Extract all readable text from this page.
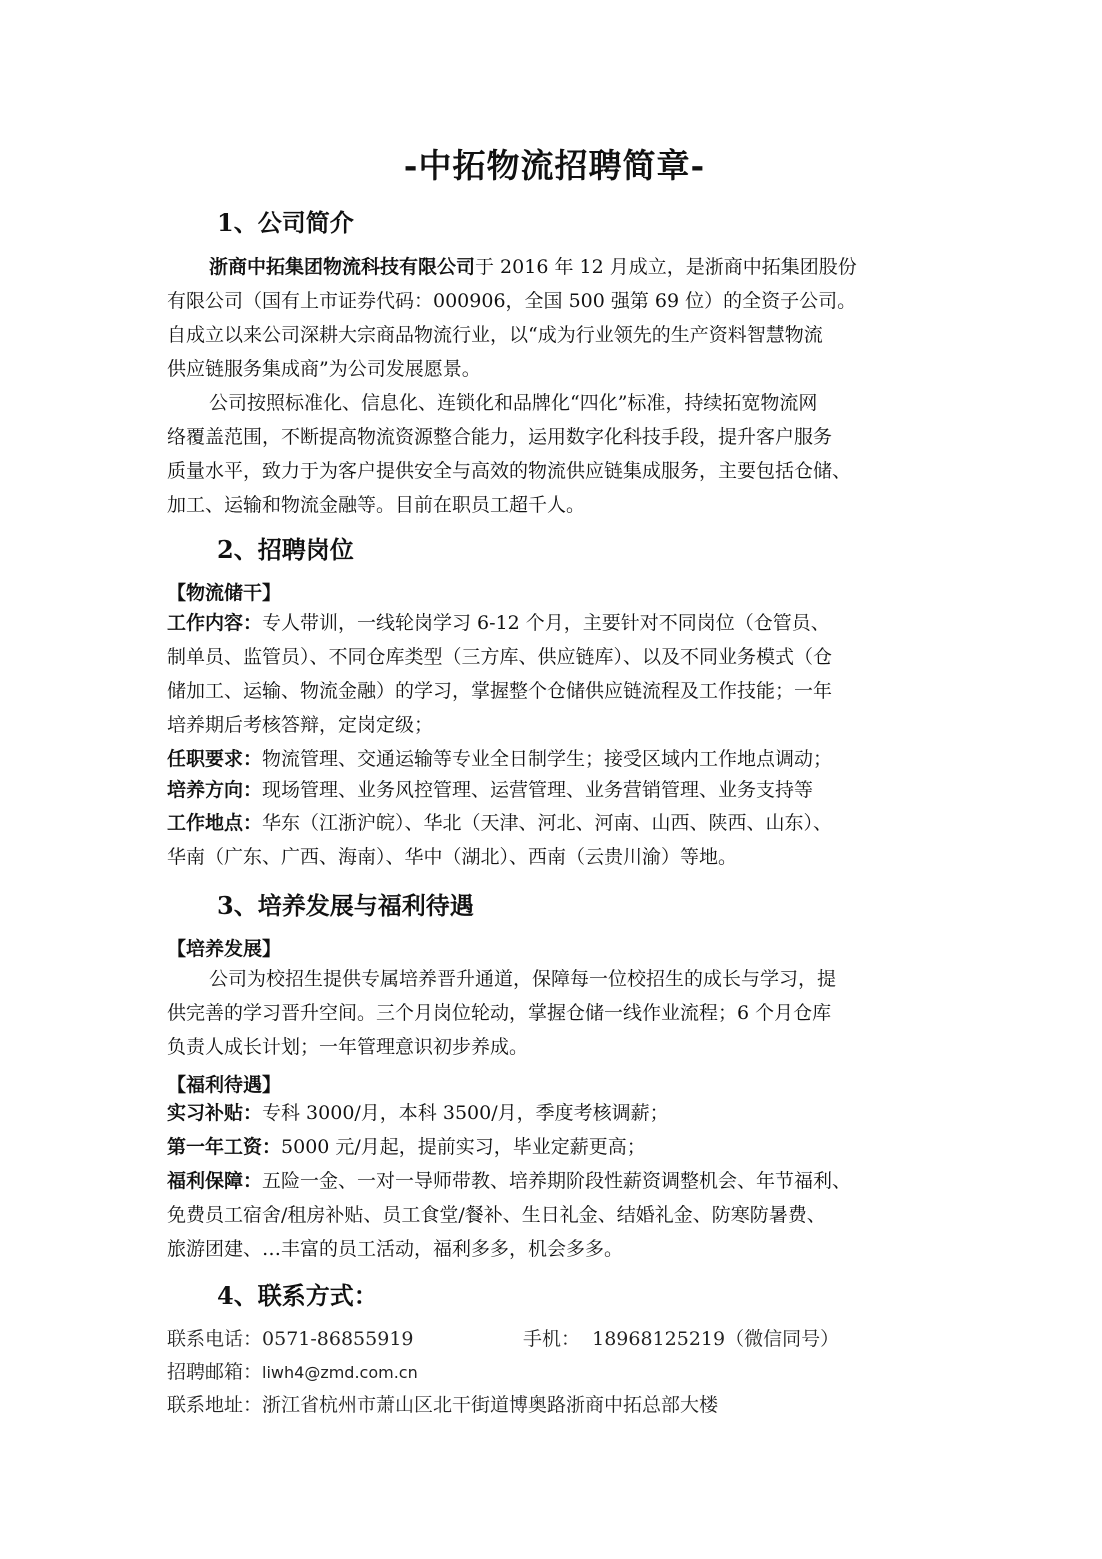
-中拓物流招聘简章-
1、公司简介
浙商中拓集团物流科技有限公司于 2016 年 12 月成立，是浙商中拓集团股份
有限公司（国有上市证券代码：000906，全国 500 强第 69 位）的全资子公司。
自成立以来公司深耕大宗商品物流行业，以“成为行业领先的生产资料智慧物流
供应链服务集成商”为公司发展愿景。
公司按照标准化、信息化、连锁化和品牌化“四化”标准，持续拓宽物流网
络覆盖范围，不断提高物流资源整合能力，运用数字化科技手段，提升客户服务
质量水平，致力于为客户提供安全与高效的物流供应链集成服务，主要包括仓储、
加工、运输和物流金融等。目前在职员工超千人。
2、招聘岗位
【物流储干】
工作内容：专人带训，一线轮岗学习 6-12 个月，主要针对不同岗位（仓管员、
制单员、监管员）、不同仓库类型（三方库、供应链库）、以及不同业务模式（仓
储加工、运输、物流金融）的学习，掌握整个仓储供应链流程及工作技能；一年
培养期后考核答辩，定岗定级；
任职要求：物流管理、交通运输等专业全日制学生；接受区域内工作地点调动；
培养方向：现场管理、业务风控管理、运营管理、业务营销管理、业务支持等
工作地点：华东（江浙沪皖）、华北（天津、河北、河南、山西、陕西、山东）、
华南（广东、广西、海南）、华中（湖北）、西南（云贵川渝）等地。
3、培养发展与福利待遇
【培养发展】
公司为校招生提供专属培养晋升通道，保障每一位校招生的成长与学习，提
供完善的学习晋升空间。三个月岗位轮动，掌握仓储一线作业流程；6 个月仓库
负责人成长计划；一年管理意识初步养成。
【福利待遇】
实习补贴：专科 3000/月，本科 3500/月，季度考核调薪；
第一年工资：5000 元/月起，提前实习，毕业定薪更高；
福利保障：五险一金、一对一导师带教、培养期阶段性薪资调整机会、年节福利、
免费员工宿舍/租房补贴、员工食堂/餐补、生日礼金、结婚礼金、防寒防暑费、
旅游团建、…丰富的员工活动，福利多多，机会多多。
4、联系方式：
联系电话：0571-86855919	手机： 18968125219（微信同号）
招聘邮箱：liwh4@zmd.com.cn
联系地址：浙江省杭州市萧山区北干街道博奥路浙商中拓总部大楼
